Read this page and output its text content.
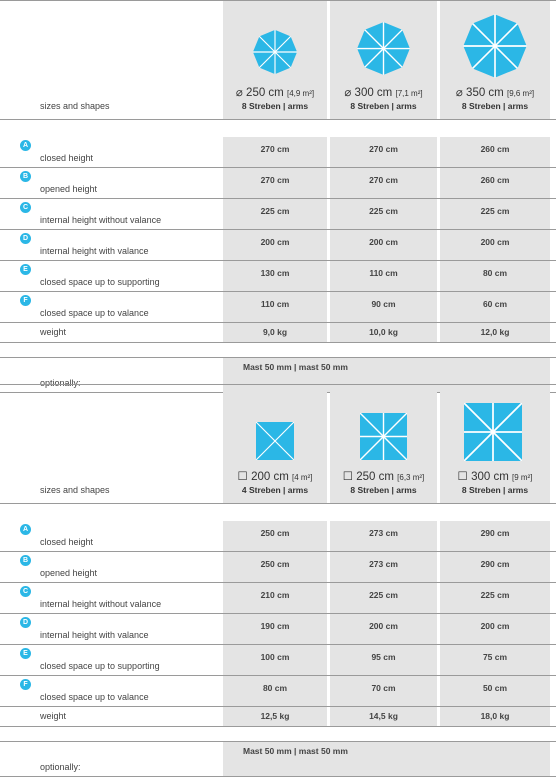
sizes and shapes
⌀ 250 cm [4,9 m²]
8 Streben | arms
⌀ 300 cm [7,1 m²]
8 Streben | arms
⌀ 350 cm [9,6 m²]
8 Streben | arms
A
closed height
270 cm	270 cm	260 cm
B
opened height
270 cm	270 cm	260 cm
C
internal height without valance
225 cm	225 cm	225 cm
D
internal height with valance
200 cm	200 cm	200 cm
E
closed space up to supporting
130 cm	110 cm	80 cm
F
closed space up to valance
110 cm	90 cm	60 cm
weight	9,0 kg	10,0 kg	12,0 kg
Mast 50 mm | mast 50 mm
optionally:
sizes and shapes
☐ 200 cm [4 m²]
4 Streben | arms
☐ 250 cm [6,3 m²]
8 Streben | arms
☐ 300 cm [9 m²]
8 Streben | arms
A
closed height
250 cm	273 cm	290 cm
B
opened height
250 cm	273 cm	290 cm
C
internal height without valance
210 cm	225 cm	225 cm
D
internal height with valance
190 cm	200 cm	200 cm
E
closed space up to supporting
100 cm	95 cm	75 cm
F
closed space up to valance
80 cm	70 cm	50 cm
weight	12,5 kg	14,5 kg	18,0 kg
Mast 50 mm | mast 50 mm
optionally:
